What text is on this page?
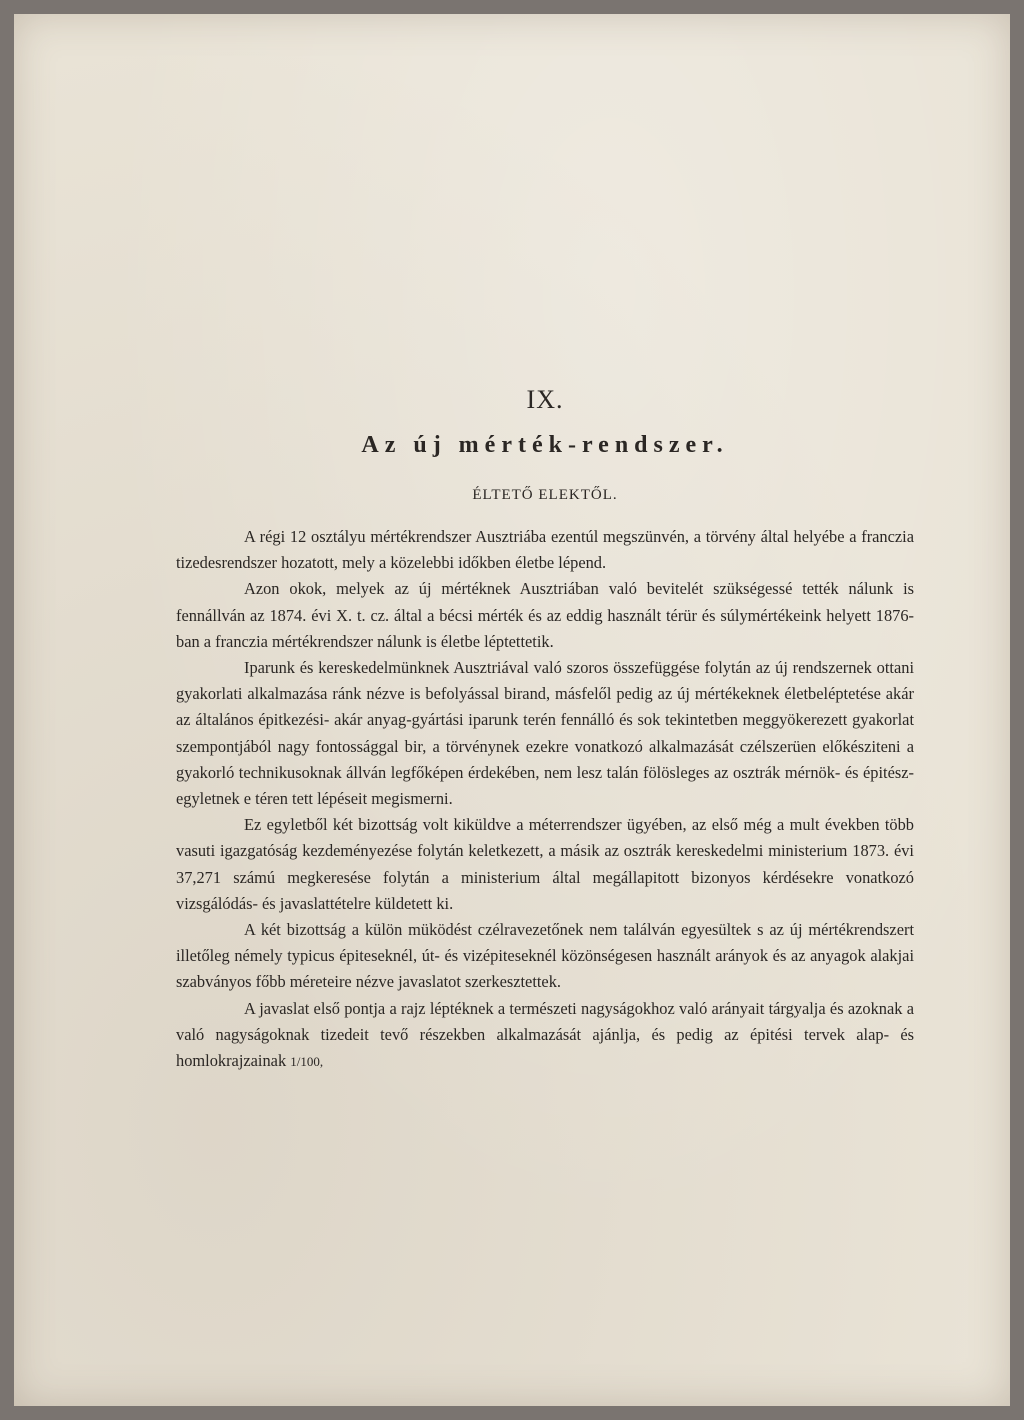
IX.
Az új mérték-rendszer.
ÉLTETŐ ELEKTŐL.

A régi 12 osztályu mértékrendszer Ausztriába ezentúl megszünvén, a törvény által helyébe a franczia tizedesrendszer hozatott, mely a közelebbi időkben életbe lépend.

Azon okok, melyek az új mértéknek Ausztriában való bevitelét szükségessé tették nálunk is fennállván az 1874. évi X. t. cz. által a bécsi mérték és az eddig használt térür és súlymértékeink helyett 1876-ban a franczia mértékrendszer nálunk is életbe léptettetik.

Iparunk és kereskedelmünknek Ausztriával való szoros összefüggése folytán az új rendszernek ottani gyakorlati alkalmazása ránk nézve is befolyással birand, másfelől pedig az új mértékeknek életbeléptetése akár az általános épitkezési- akár anyag-gyártási iparunk terén fennálló és sok tekintetben meggyökerezett gyakorlat szempontjából nagy fontossággal bir, a törvénynek ezekre vonatkozó alkalmazását czélszerüen előkésziteni a gyakorló technikusoknak állván legfőképen érdekében, nem lesz talán fölösleges az osztrák mérnök- és épitész-egyletnek e téren tett lépéseit megismerni.

Ez egyletből két bizottság volt kiküldve a méterrendszer ügyében, az első még a mult években több vasuti igazgatóság kezdeményezése folytán keletkezett, a másik az osztrák kereskedelmi ministerium 1873. évi 37,271 számú megkeresése folytán a ministerium által megállapitott bizonyos kérdésekre vonatkozó vizsgálódás- és javaslattételre küldetett ki.

A két bizottság a külön müködést czélravezetőnek nem találván egyesültek s az új mértékrendszert illetőleg némely typicus épiteseknél, út- és vizépiteseknél közönségesen használt arányok és az anyagok alakjai szabványos főbb méreteire nézve javaslatot szerkesztettek.

A javaslat első pontja a rajz léptéknek a természeti nagyságokhoz való arányait tárgyalja és azoknak a való nagyságoknak tizedeit tevő részekben alkalmazását ajánlja, és pedig az épitési tervek alap- és homlokrajzainak 1/100,
